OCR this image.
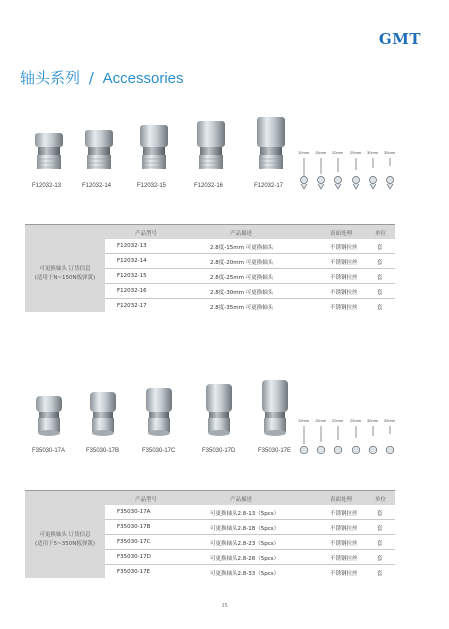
GMT
轴头系列 / Accessories
F12032-13	F12032-14	F12032-15	F12032-16	F12032-17
10mm 15mm 20mm 25mm 30mm 35mm
产品型号	产品描述	表面处理	单位
可更换轴头 订货信息
(适用于N~150N板弹簧)
F12032-13	2.8度-15mm 可更换轴头	不锈钢拉丝	套
F12032-14	2.8度-20mm 可更换轴头	不锈钢拉丝	套
F12032-15	2.8度-25mm 可更换轴头	不锈钢拉丝	套
F12032-16	2.8度-30mm 可更换轴头	不锈钢拉丝	套
F12032-17	2.8度-35mm 可更换轴头	不锈钢拉丝	套
F35030-17A	F35030-17B	F35030-17C	F35030-17D	F35030-17E
10mm 15mm 20mm 25mm 30mm 35mm
产品型号	产品描述	表面处理	单位
可更换轴头 订货信息
(适用于5~350N板弹簧)
F35030-17A	可更换轴头2.8-13（5pcs）	不锈钢拉丝	套
F35030-17B	可更换轴头2.8-18（5pcs）	不锈钢拉丝	套
F35030-17C	可更换轴头2.8-23（5pcs）	不锈钢拉丝	套
F35030-17D	可更换轴头2.8-28（5pcs）	不锈钢拉丝	套
F35030-17E	可更换轴头2.8-33（5pcs）	不锈钢拉丝	套
15
